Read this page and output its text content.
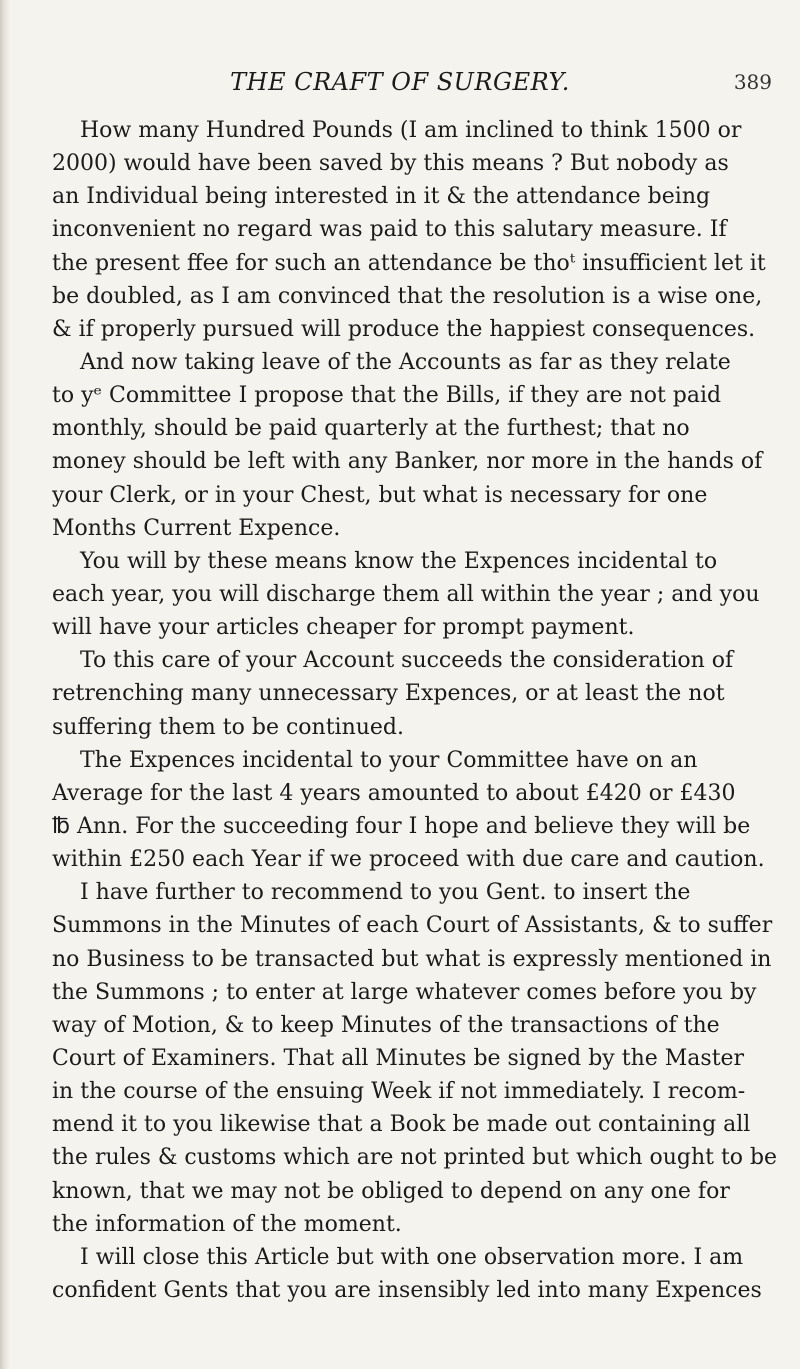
THE CRAFT OF SURGERY.	389
How many Hundred Pounds (I am inclined to think 1500 or
2000) would have been saved by this means ? But nobody as
an Individual being interested in it & the attendance being
inconvenient no regard was paid to this salutary measure. If
the present ffee for such an attendance be thoᵗ insufficient let it
be doubled, as I am convinced that the resolution is a wise one,
& if properly pursued will produce the happiest consequences.
And now taking leave of the Accounts as far as they relate
to yᵉ Committee I propose that the Bills, if they are not paid
monthly, should be paid quarterly at the furthest; that no
money should be left with any Banker, nor more in the hands of
your Clerk, or in your Chest, but what is necessary for one
Months Current Expence.
You will by these means know the Expences incidental to
each year, you will discharge them all within the year ; and you
will have your articles cheaper for prompt payment.
To this care of your Account succeeds the consideration of
retrenching many unnecessary Expences, or at least the not
suffering them to be continued.
The Expences incidental to your Committee have on an
Average for the last 4 years amounted to about £420 or £430
℔ Ann. For the succeeding four I hope and believe they will be
within £250 each Year if we proceed with due care and caution.
I have further to recommend to you Gent. to insert the
Summons in the Minutes of each Court of Assistants, & to suffer
no Business to be transacted but what is expressly mentioned in
the Summons ; to enter at large whatever comes before you by
way of Motion, & to keep Minutes of the transactions of the
Court of Examiners. That all Minutes be signed by the Master
in the course of the ensuing Week if not immediately. I recom-
mend it to you likewise that a Book be made out containing all
the rules & customs which are not printed but which ought to be
known, that we may not be obliged to depend on any one for
the information of the moment.
I will close this Article but with one observation more. I am
confident Gents that you are insensibly led into many Expences
